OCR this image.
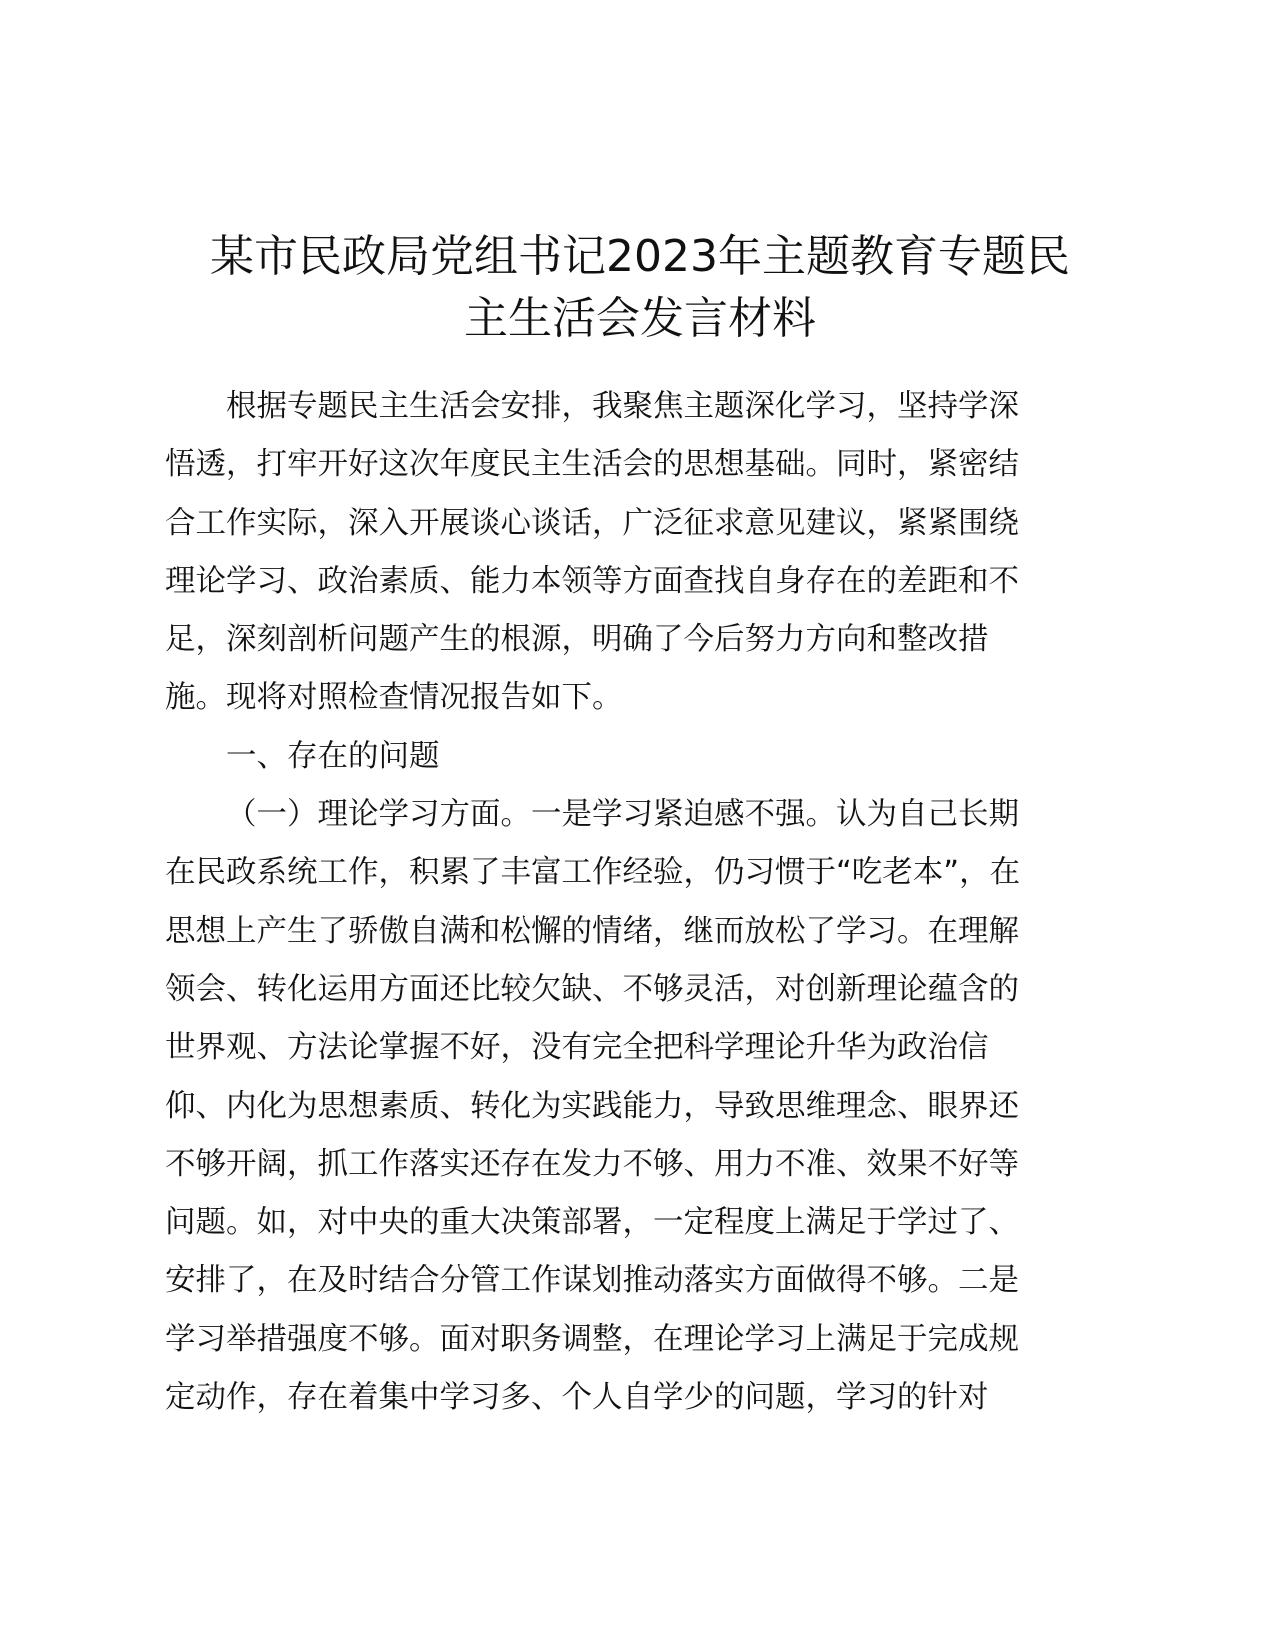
某市民政局党组书记2023年主题教育专题民
主生活会发言材料
根据专题民主生活会安排，我聚焦主题深化学习，坚持学深
悟透，打牢开好这次年度民主生活会的思想基础。同时，紧密结
合工作实际，深入开展谈心谈话，广泛征求意见建议，紧紧围绕
理论学习、政治素质、能力本领等方面查找自身存在的差距和不
足，深刻剖析问题产生的根源，明确了今后努力方向和整改措
施。现将对照检查情况报告如下。
一、存在的问题
（一）理论学习方面。一是学习紧迫感不强。认为自己长期
在民政系统工作，积累了丰富工作经验，仍习惯于“吃老本”，在
思想上产生了骄傲自满和松懈的情绪，继而放松了学习。在理解
领会、转化运用方面还比较欠缺、不够灵活，对创新理论蕴含的
世界观、方法论掌握不好，没有完全把科学理论升华为政治信
仰、内化为思想素质、转化为实践能力，导致思维理念、眼界还
不够开阔，抓工作落实还存在发力不够、用力不准、效果不好等
问题。如，对中央的重大决策部署，一定程度上满足于学过了、
安排了，在及时结合分管工作谋划推动落实方面做得不够。二是
学习举措强度不够。面对职务调整，在理论学习上满足于完成规
定动作，存在着集中学习多、个人自学少的问题，学习的针对
